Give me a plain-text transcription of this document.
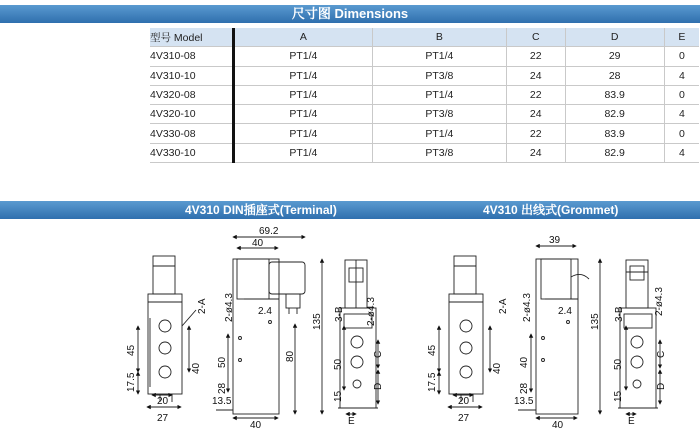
尺寸图 Dimensions
型号 Model	A	B	C	D	E
4V310-08	PT1/4	PT1/4	22	29	0
4V310-10	PT1/4	PT3/8	24	28	4
4V320-08	PT1/4	PT1/4	22	83.9	0
4V320-10	PT1/4	PT3/8	24	82.9	4
4V330-08	PT1/4	PT1/4	22	83.9	0
4V330-10	PT1/4	PT3/8	24	82.9	4
4V310 DIN插座式(Terminal)	4V310 出线式(Grommet)
2-A
45
17.5
40
20
27
69.2
40
2-ø4.3 2.4
50
28
80
135
13.5
40
3-B 2-ø4.3
50
15
C
D
E
2-A
45
17.5
40
20
27
39
2-ø4.3	2.4
40
28
135
13.5
40
3-B	2-ø4.3
50
15
C
D
E
